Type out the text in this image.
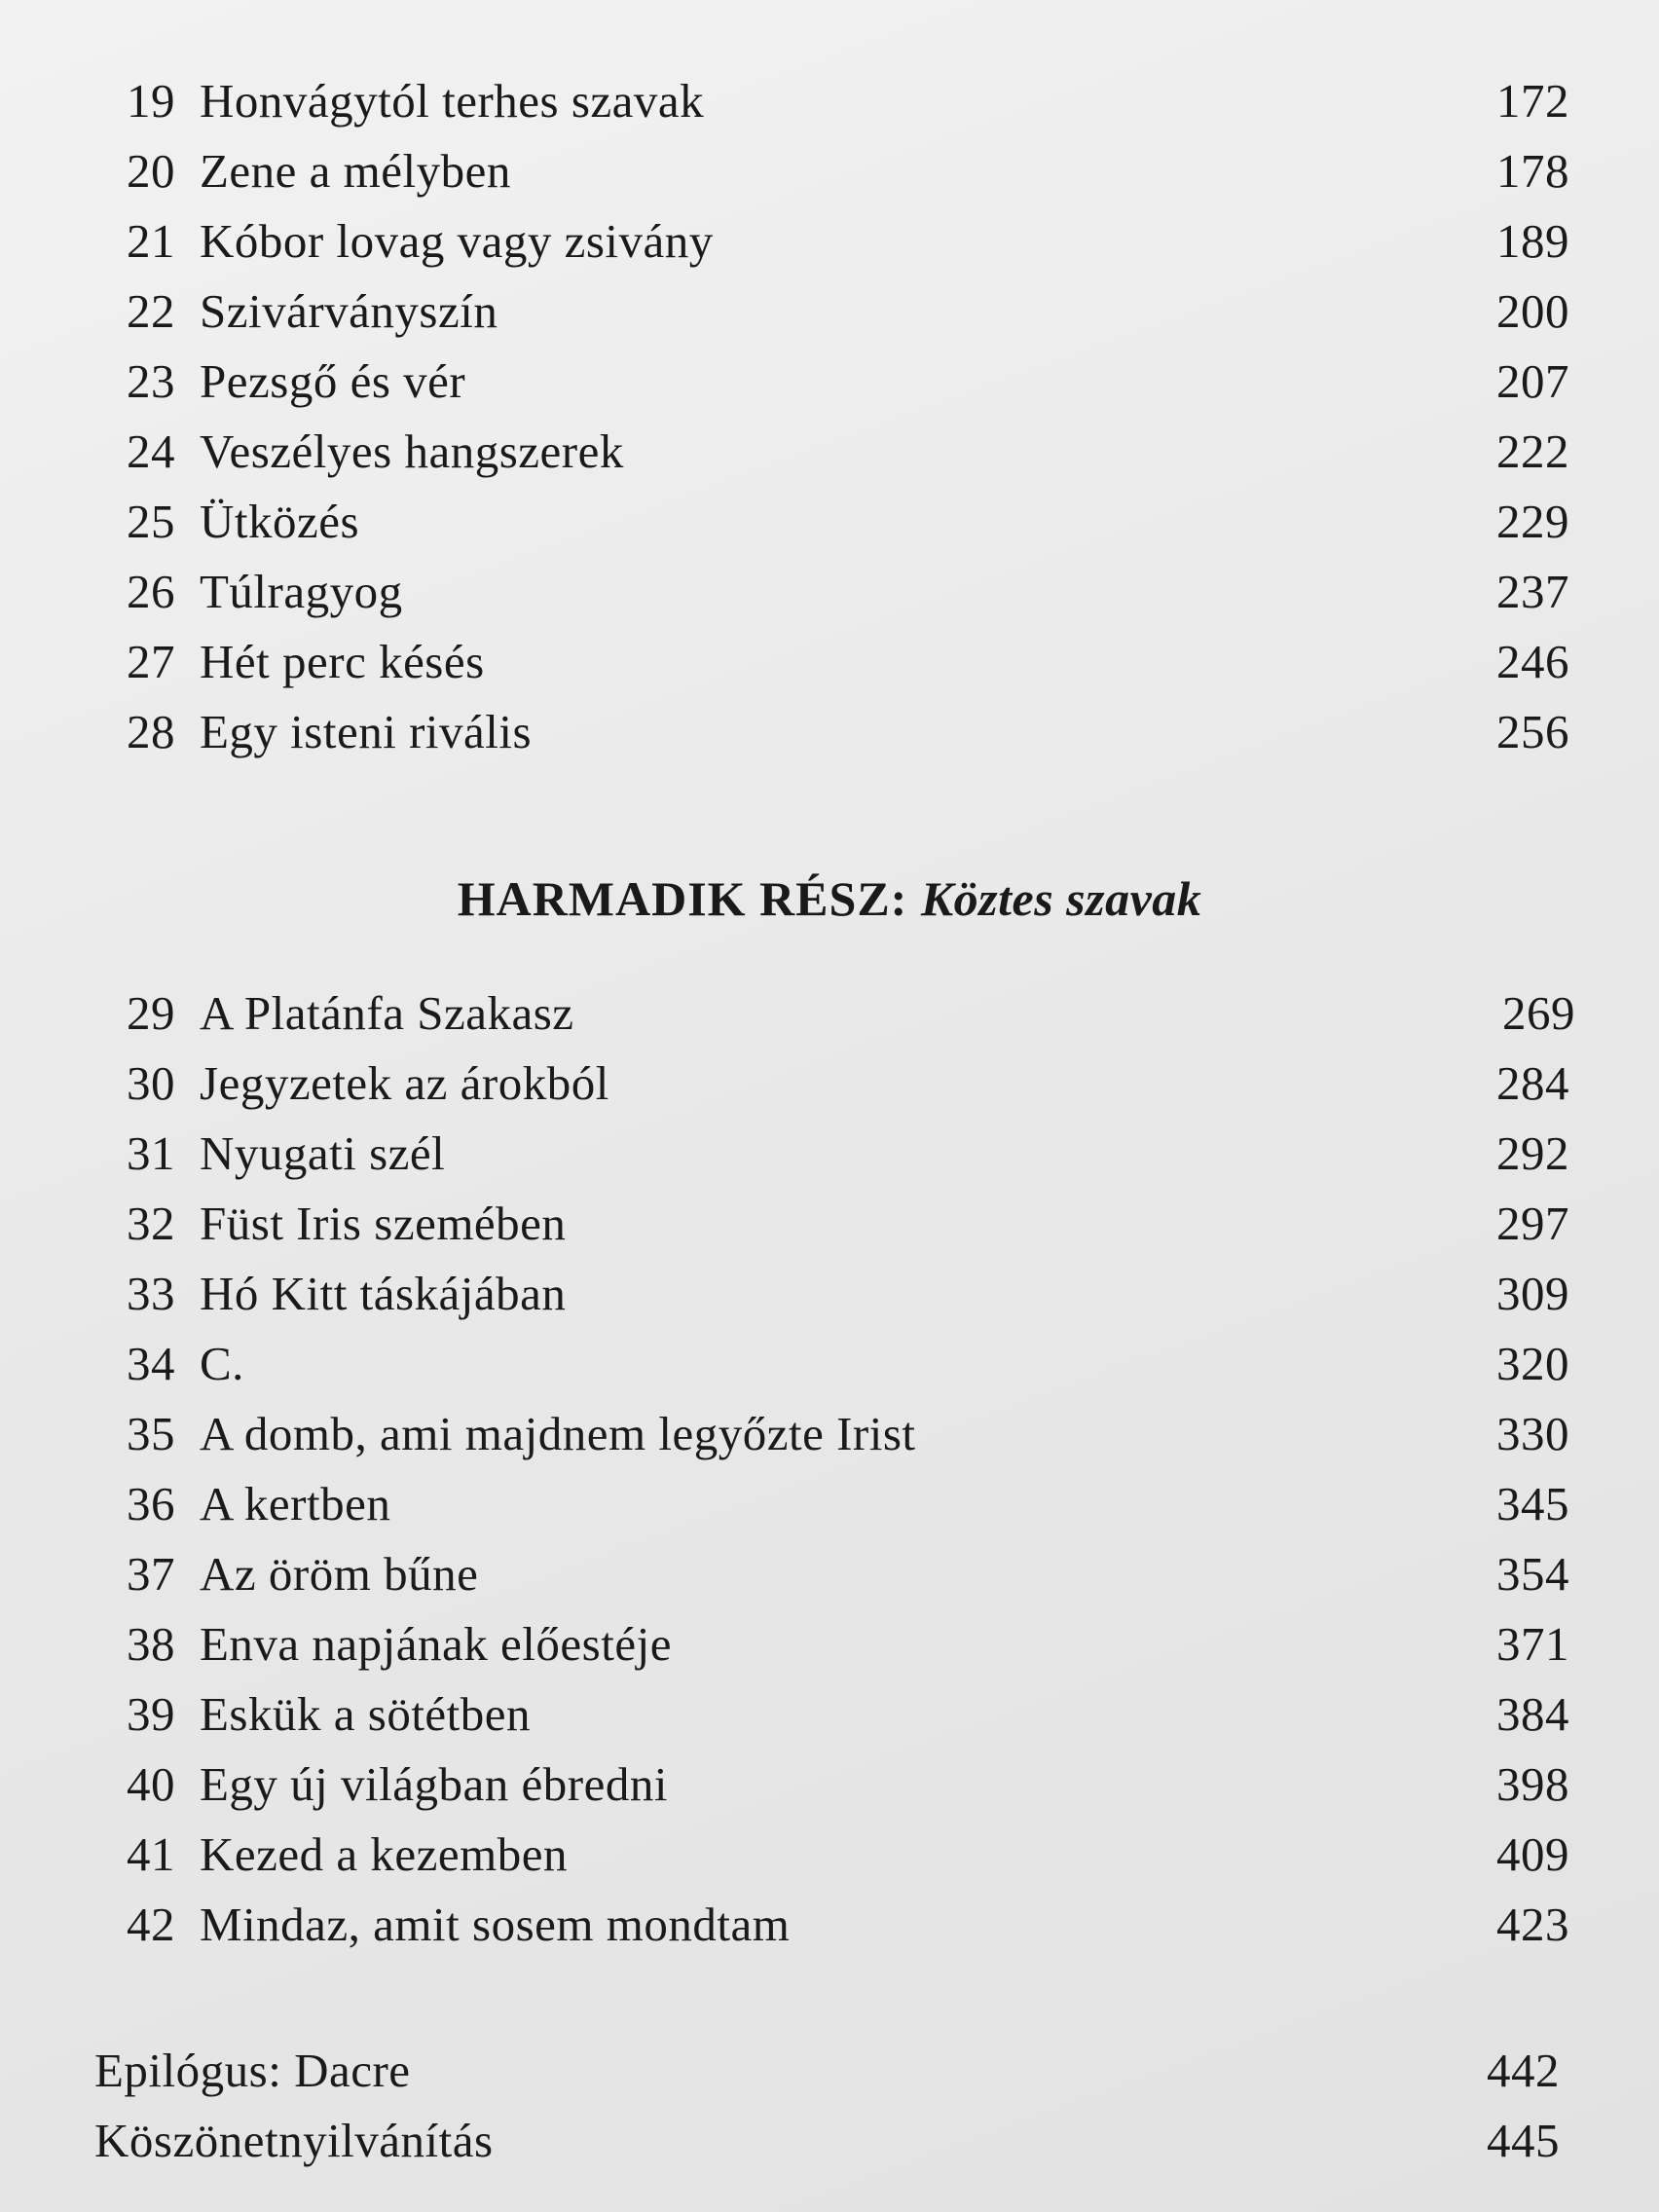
19 Honvágytól terhes szavak	172
20 Zene a mélyben	178
21 Kóbor lovag vagy zsivány	189
22 Szivárványszín	200
23 Pezsgő és vér	207
24 Veszélyes hangszerek	222
25 Ütközés	229
26 Túlragyog	237
27 Hét perc késés	246
28 Egy isteni rivális	256
HARMADIK RÉSZ: Köztes szavak
29 A Platánfa Szakasz	269
30 Jegyzetek az árokból	284
31 Nyugati szél	292
32 Füst Iris szemében	297
33 Hó Kitt táskájában	309
34 C.	320
35 A domb, ami majdnem legyőzte Irist	330
36 A kertben	345
37 Az öröm bűne	354
38 Enva napjának előestéje	371
39 Eskük a sötétben	384
40 Egy új világban ébredni	398
41 Kezed a kezemben	409
42 Mindaz, amit sosem mondtam	423
Epilógus: Dacre	442
Köszönetnyilvánítás	445
